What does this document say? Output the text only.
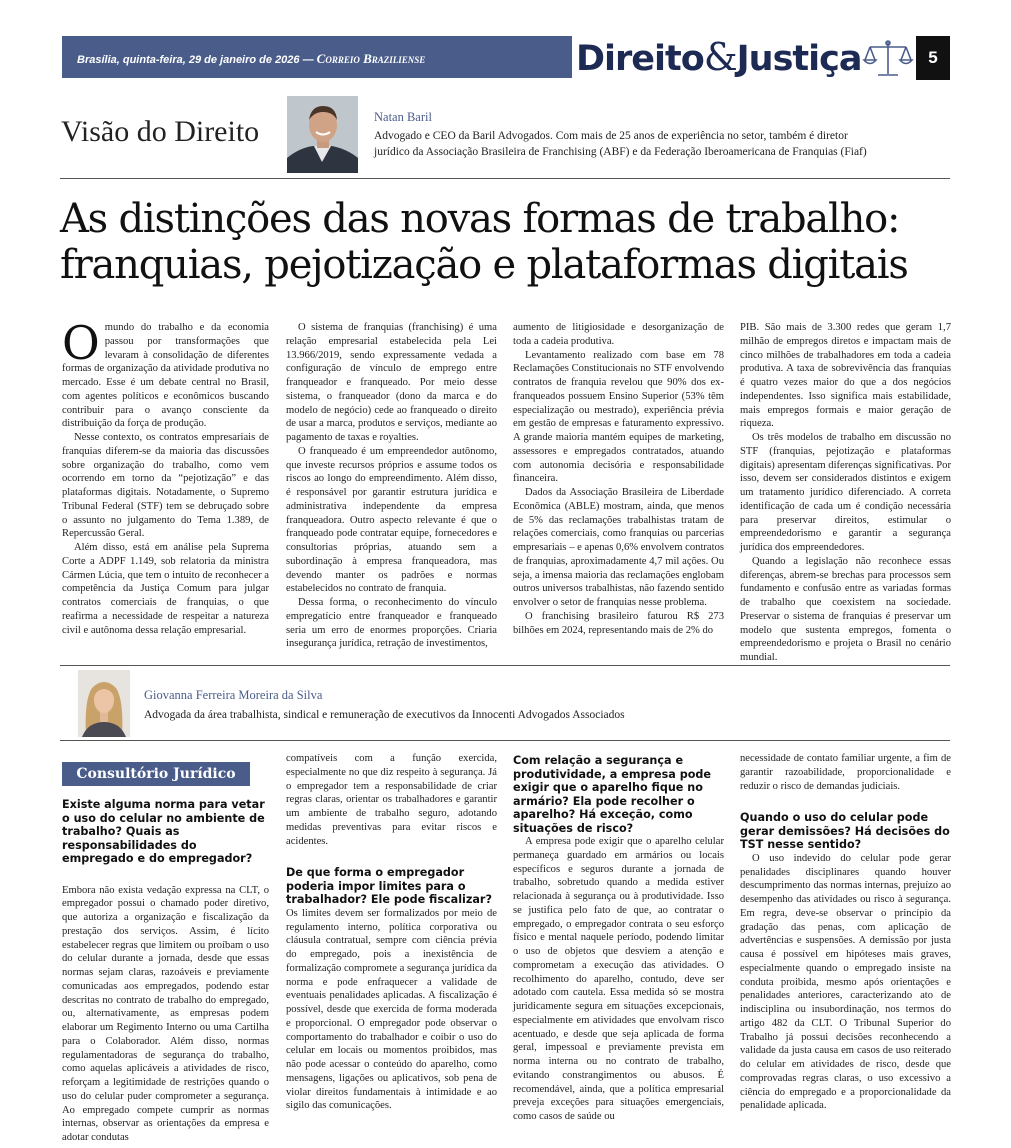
Brasília, quinta-feira, 29 de janeiro de 2026 — Correio Braziliense	Direito&Justiça	5
Visão do Direito	Natan Baril
Advogado e CEO da Baril Advogados. Com mais de 25 anos de experiência no setor, também é diretor jurídico da Associação Brasileira de Franchising (ABF) e da Federação Iberoamericana de Franquias (Fiaf)
As distinções das novas formas de trabalho: franquias, pejotização e plataformas digitais

Omundo do trabalho e da economia passou por transformações que levaram à consolidação de diferentes formas de organização da atividade produtiva no mercado. Esse é um debate central no Brasil, com agentes políticos e econômicos buscando contribuir para o avanço consciente da distribuição da força de produção.

Nesse contexto, os contratos empresariais de franquias diferem-se da maioria das discussões sobre organização do trabalho, como vem ocorrendo em torno da “pejotização” e das plataformas digitais. Notadamente, o Supremo Tribunal Federal (STF) tem se debruçado sobre o assunto no julgamento do Tema 1.389, de Repercussão Geral.

Além disso, está em análise pela Suprema Corte a ADPF 1.149, sob relatoria da ministra Cármen Lúcia, que tem o intuito de reconhecer a competência da Justiça Comum para julgar contratos comerciais de franquias, o que reafirma a necessidade de respeitar a natureza civil e autônoma dessa relação empresarial.

O sistema de franquias (franchising) é uma relação empresarial estabelecida pela Lei 13.966/2019, sendo expressamente vedada a configuração de vínculo de emprego entre franqueador e franqueado. Por meio desse sistema, o franqueador (dono da marca e do modelo de negócio) cede ao franqueado o direito de usar a marca, produtos e serviços, mediante ao pagamento de taxas e royalties.

O franqueado é um empreendedor autônomo, que investe recursos próprios e assume todos os riscos ao longo do empreendimento. Além disso, é responsável por garantir estrutura jurídica e administrativa independente da empresa franqueadora. Outro aspecto relevante é que o franqueado pode contratar equipe, fornecedores e consultorias próprias, atuando sem a subordinação à empresa franqueadora, mas devendo manter os padrões e normas estabelecidos no contrato de franquia.

Dessa forma, o reconhecimento do vínculo empregatício entre franqueador e franqueado seria um erro de enormes proporções. Criaria insegurança jurídica, retração de investimentos,

aumento de litigiosidade e desorganização de toda a cadeia produtiva.

Levantamento realizado com base em 78 Reclamações Constitucionais no STF envolvendo contratos de franquia revelou que 90% dos ex-franqueados possuem Ensino Superior (53% têm especialização ou mestrado), experiência prévia em gestão de empresas e faturamento expressivo. A grande maioria mantém equipes de marketing, assessores e empregados contratados, atuando com autonomia decisória e responsabilidade financeira.

Dados da Associação Brasileira de Liberdade Econômica (ABLE) mostram, ainda, que menos de 5% das reclamações trabalhistas tratam de relações comerciais, como franquias ou parcerias empresariais – e apenas 0,6% envolvem contratos de franquias, aproximadamente 4,7 mil ações. Ou seja, a imensa maioria das reclamações englobam outros universos trabalhistas, não fazendo sentido envolver o setor de franquias nesse problema.

O franchising brasileiro faturou R$ 273 bilhões em 2024, representando mais de 2% do

PIB. São mais de 3.300 redes que geram 1,7 milhão de empregos diretos e impactam mais de cinco milhões de trabalhadores em toda a cadeia produtiva. A taxa de sobrevivência das franquias é quatro vezes maior do que a dos negócios independentes. Isso significa mais estabilidade, mais empregos formais e maior geração de riqueza.

Os três modelos de trabalho em discussão no STF (franquias, pejotização e plataformas digitais) apresentam diferenças significativas. Por isso, devem ser considerados distintos e exigem um tratamento jurídico diferenciado. A correta identificação de cada um é condição necessária para preservar direitos, estimular o empreendedorismo e garantir a segurança jurídica dos empreendedores.

Quando a legislação não reconhece essas diferenças, abrem-se brechas para processos sem fundamento e confusão entre as variadas formas de trabalho que coexistem na sociedade. Preservar o sistema de franquias é preservar um modelo que sustenta empregos, fomenta o empreendedorismo e projeta o Brasil no cenário mundial.

Giovanna Ferreira Moreira da Silva
Advogada da área trabalhista, sindical e remuneração de executivos da Innocenti Advogados Associados
Consultório Jurídico

Existe alguma norma para vetar o uso do celular no ambiente de trabalho? Quais as responsabilidades do empregado e do empregador?

Embora não exista vedação expressa na CLT, o empregador possui o chamado poder diretivo, que autoriza a organização e fiscalização da prestação dos serviços. Assim, é lícito estabelecer regras que limitem ou proíbam o uso do celular durante a jornada, desde que essas normas sejam claras, razoáveis e previamente comunicadas aos empregados, podendo estar descritas no contrato de trabalho do empregado, ou, alternativamente, as empresas podem elaborar um Regimento Interno ou uma Cartilha para o Colaborador. Além disso, normas regulamentadoras de segurança do trabalho, como aquelas aplicáveis a atividades de risco, reforçam a legitimidade de restrições quando o uso do celular puder comprometer a segurança. Ao empregado compete cumprir as normas internas, observar as orientações da empresa e adotar condutas

compatíveis com a função exercida, especialmente no que diz respeito à segurança. Já o empregador tem a responsabilidade de criar regras claras, orientar os trabalhadores e garantir um ambiente de trabalho seguro, adotando medidas preventivas para evitar riscos e acidentes.

De que forma o empregador poderia impor limites para o trabalhador? Ele pode fiscalizar?

Os limites devem ser formalizados por meio de regulamento interno, política corporativa ou cláusula contratual, sempre com ciência prévia do empregado, pois a inexistência de formalização compromete a segurança jurídica da norma e pode enfraquecer a validade de eventuais penalidades aplicadas. A fiscalização é possível, desde que exercida de forma moderada e proporcional. O empregador pode observar o comportamento do trabalhador e coibir o uso do celular em locais ou momentos proibidos, mas não pode acessar o conteúdo do aparelho, como mensagens, ligações ou aplicativos, sob pena de violar direitos fundamentais à intimidade e ao sigilo das comunicações.

Com relação a segurança e produtividade, a empresa pode exigir que o aparelho fique no armário? Ela pode recolher o aparelho? Há exceção, como situações de risco?

A empresa pode exigir que o aparelho celular permaneça guardado em armários ou locais específicos e seguros durante a jornada de trabalho, sobretudo quando a medida estiver relacionada à segurança ou à produtividade. Isso se justifica pelo fato de que, ao contratar o empregado, o empregador contrata o seu esforço físico e mental naquele período, podendo limitar o uso de objetos que desviem a atenção e comprometam a execução das atividades. O recolhimento do aparelho, contudo, deve ser adotado com cautela. Essa medida só se mostra juridicamente segura em situações excepcionais, especialmente em atividades que envolvam risco acentuado, e desde que seja aplicada de forma geral, impessoal e previamente prevista em norma interna ou no contrato de trabalho, evitando constrangimentos ou abusos. É recomendável, ainda, que a política empresarial preveja exceções para situações emergenciais, como casos de saúde ou

necessidade de contato familiar urgente, a fim de garantir razoabilidade, proporcionalidade e reduzir o risco de demandas judiciais.

Quando o uso do celular pode gerar demissões? Há decisões do TST nesse sentido?

O uso indevido do celular pode gerar penalidades disciplinares quando houver descumprimento das normas internas, prejuízo ao desempenho das atividades ou risco à segurança. Em regra, deve-se observar o princípio da gradação das penas, com aplicação de advertências e suspensões. A demissão por justa causa é possível em hipóteses mais graves, especialmente quando o empregado insiste na conduta proibida, mesmo após orientações e penalidades anteriores, caracterizando ato de indisciplina ou insubordinação, nos termos do artigo 482 da CLT. O Tribunal Superior do Trabalho já possui decisões reconhecendo a validade da justa causa em casos de uso reiterado do celular em atividades de risco, desde que comprovadas regras claras, o uso excessivo a ciência do empregado e a proporcionalidade da penalidade aplicada.
